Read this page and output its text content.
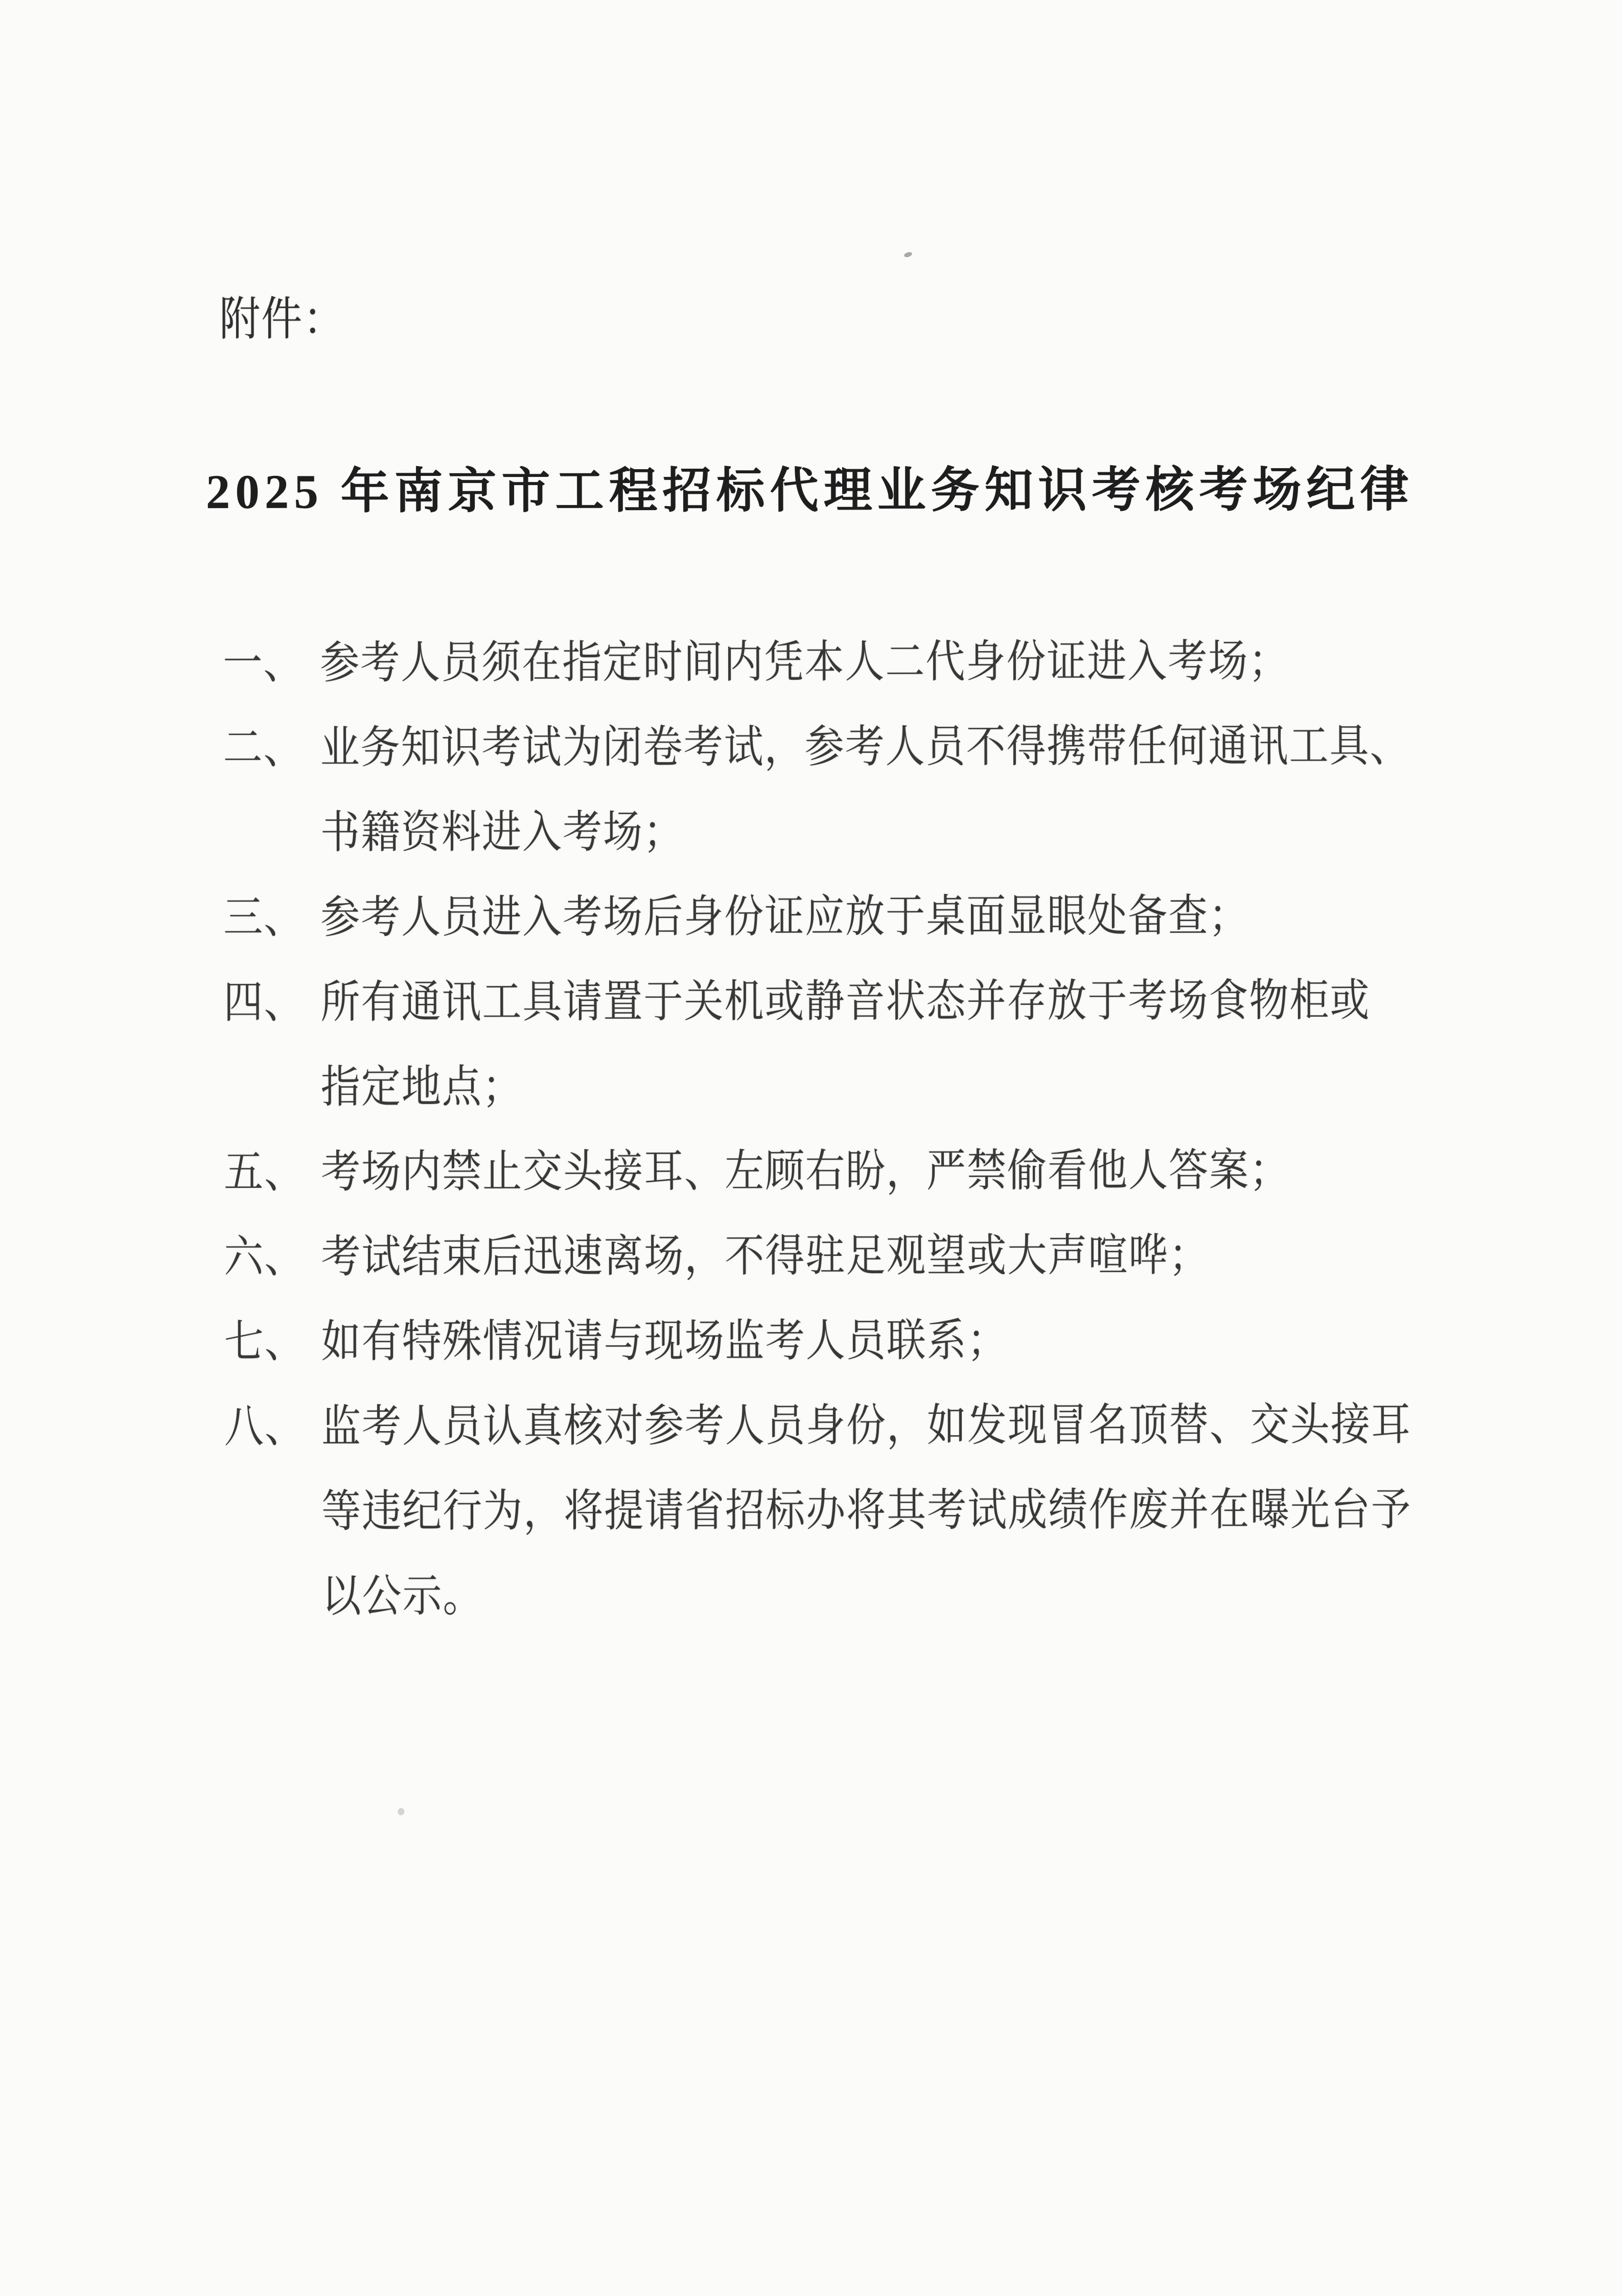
附件：
2025 年南京市工程招标代理业务知识考核考场纪律
一、 参考人员须在指定时间内凭本人二代身份证进入考场；
二、 业务知识考试为闭卷考试，参考人员不得携带任何通讯工具、
书籍资料进入考场；
三、 参考人员进入考场后身份证应放于桌面显眼处备查；
四、 所有通讯工具请置于关机或静音状态并存放于考场食物柜或
指定地点；
五、 考场内禁止交头接耳、左顾右盼，严禁偷看他人答案；
六、 考试结束后迅速离场，不得驻足观望或大声喧哗；
七、 如有特殊情况请与现场监考人员联系；
八、 监考人员认真核对参考人员身份，如发现冒名顶替、交头接耳
等违纪行为，将提请省招标办将其考试成绩作废并在曝光台予
以公示。
